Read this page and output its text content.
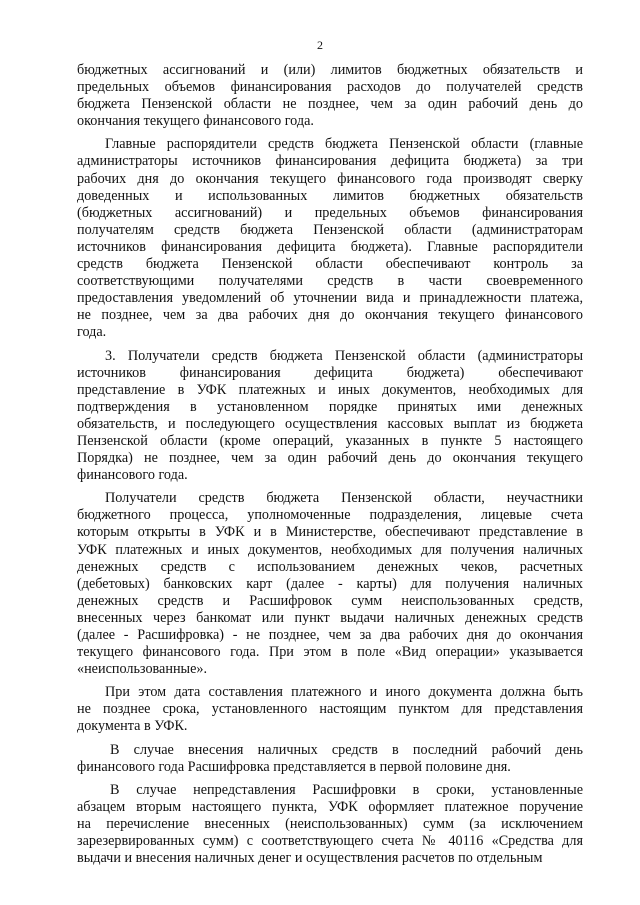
2
бюджетных ассигнований и (или) лимитов бюджетных обязательств и
предельных объемов финансирования расходов до получателей средств
бюджета Пензенской области не позднее, чем за один рабочий день до
окончания текущего финансового года.
Главные распорядители средств бюджета Пензенской области (главные
администраторы источников финансирования дефицита бюджета) за три
рабочих дня до окончания текущего финансового года производят сверку
доведенных и использованных лимитов бюджетных обязательств
(бюджетных ассигнований) и предельных объемов финансирования
получателям средств бюджета Пензенской области (администраторам
источников финансирования дефицита бюджета). Главные распорядители
средств бюджета Пензенской области обеспечивают контроль за
соответствующими получателями средств в части своевременного
предоставления уведомлений об уточнении вида и принадлежности платежа,
не позднее, чем за два рабочих дня до окончания текущего финансового
года.
3. Получатели средств бюджета Пензенской области (администраторы
источников финансирования дефицита бюджета) обеспечивают
представление в УФК платежных и иных документов, необходимых для
подтверждения в установленном порядке принятых ими денежных
обязательств, и последующего осуществления кассовых выплат из бюджета
Пензенской области (кроме операций, указанных в пункте 5 настоящего
Порядка) не позднее, чем за один рабочий день до окончания текущего
финансового года.
Получатели средств бюджета Пензенской области, неучастники
бюджетного процесса, уполномоченные подразделения, лицевые счета
которым открыты в УФК и в Министерстве, обеспечивают представление в
УФК платежных и иных документов, необходимых для получения наличных
денежных средств с использованием денежных чеков, расчетных
(дебетовых) банковских карт (далее - карты) для получения наличных
денежных средств и Расшифровок сумм неиспользованных средств,
внесенных через банкомат или пункт выдачи наличных денежных средств
(далее - Расшифровка) - не позднее, чем за два рабочих дня до окончания
текущего финансового года. При этом в поле «Вид операции» указывается
«неиспользованные».
При этом дата составления платежного и иного документа должна быть
не позднее срока, установленного настоящим пунктом для представления
документа в УФК.
В случае внесения наличных средств в последний рабочий день
финансового года Расшифровка представляется в первой половине дня.
В случае непредставления Расшифровки в сроки, установленные
абзацем вторым настоящего пункта, УФК оформляет платежное поручение
на перечисление внесенных (неиспользованных) сумм (за исключением
зарезервированных сумм) с соответствующего счета № 40116 «Средства для
выдачи и внесения наличных денег и осуществления расчетов по отдельным
